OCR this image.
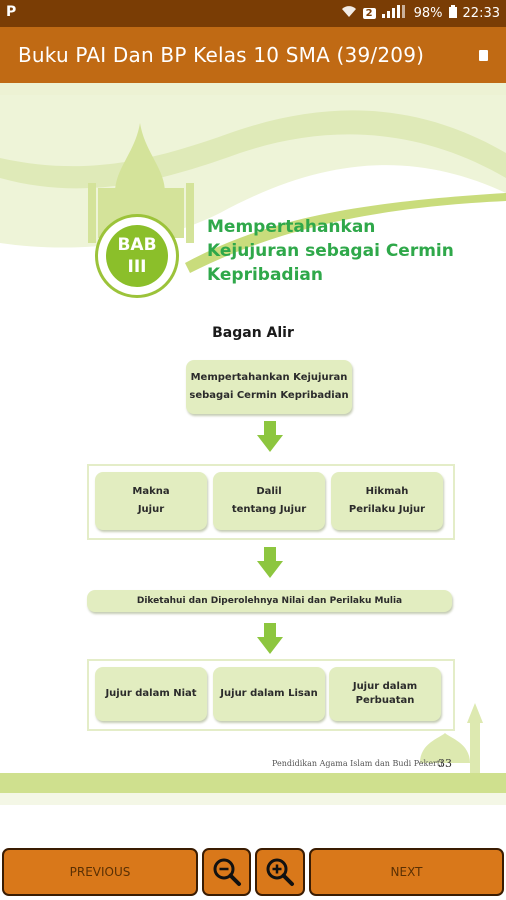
P	2	98% 22:33
Buku PAI Dan BP Kelas 10 SMA (39/209)
BAB
III
Mempertahankan
Kejujuran sebagai Cermin
Kepribadian
Bagan Alir
Mempertahankan Kejujuran
sebagai Cermin Kepribadian
Makna
Jujur
Dalil
tentang Jujur
Hikmah
Perilaku Jujur
Diketahui dan Diperolehnya Nilai dan Perilaku Mulia
Jujur dalam Niat Jujur dalam Lisan
Jujur dalam
Perbuatan
Pendidikan Agama Islam dan Budi Pekerti
33
PREVIOUS	NEXT
